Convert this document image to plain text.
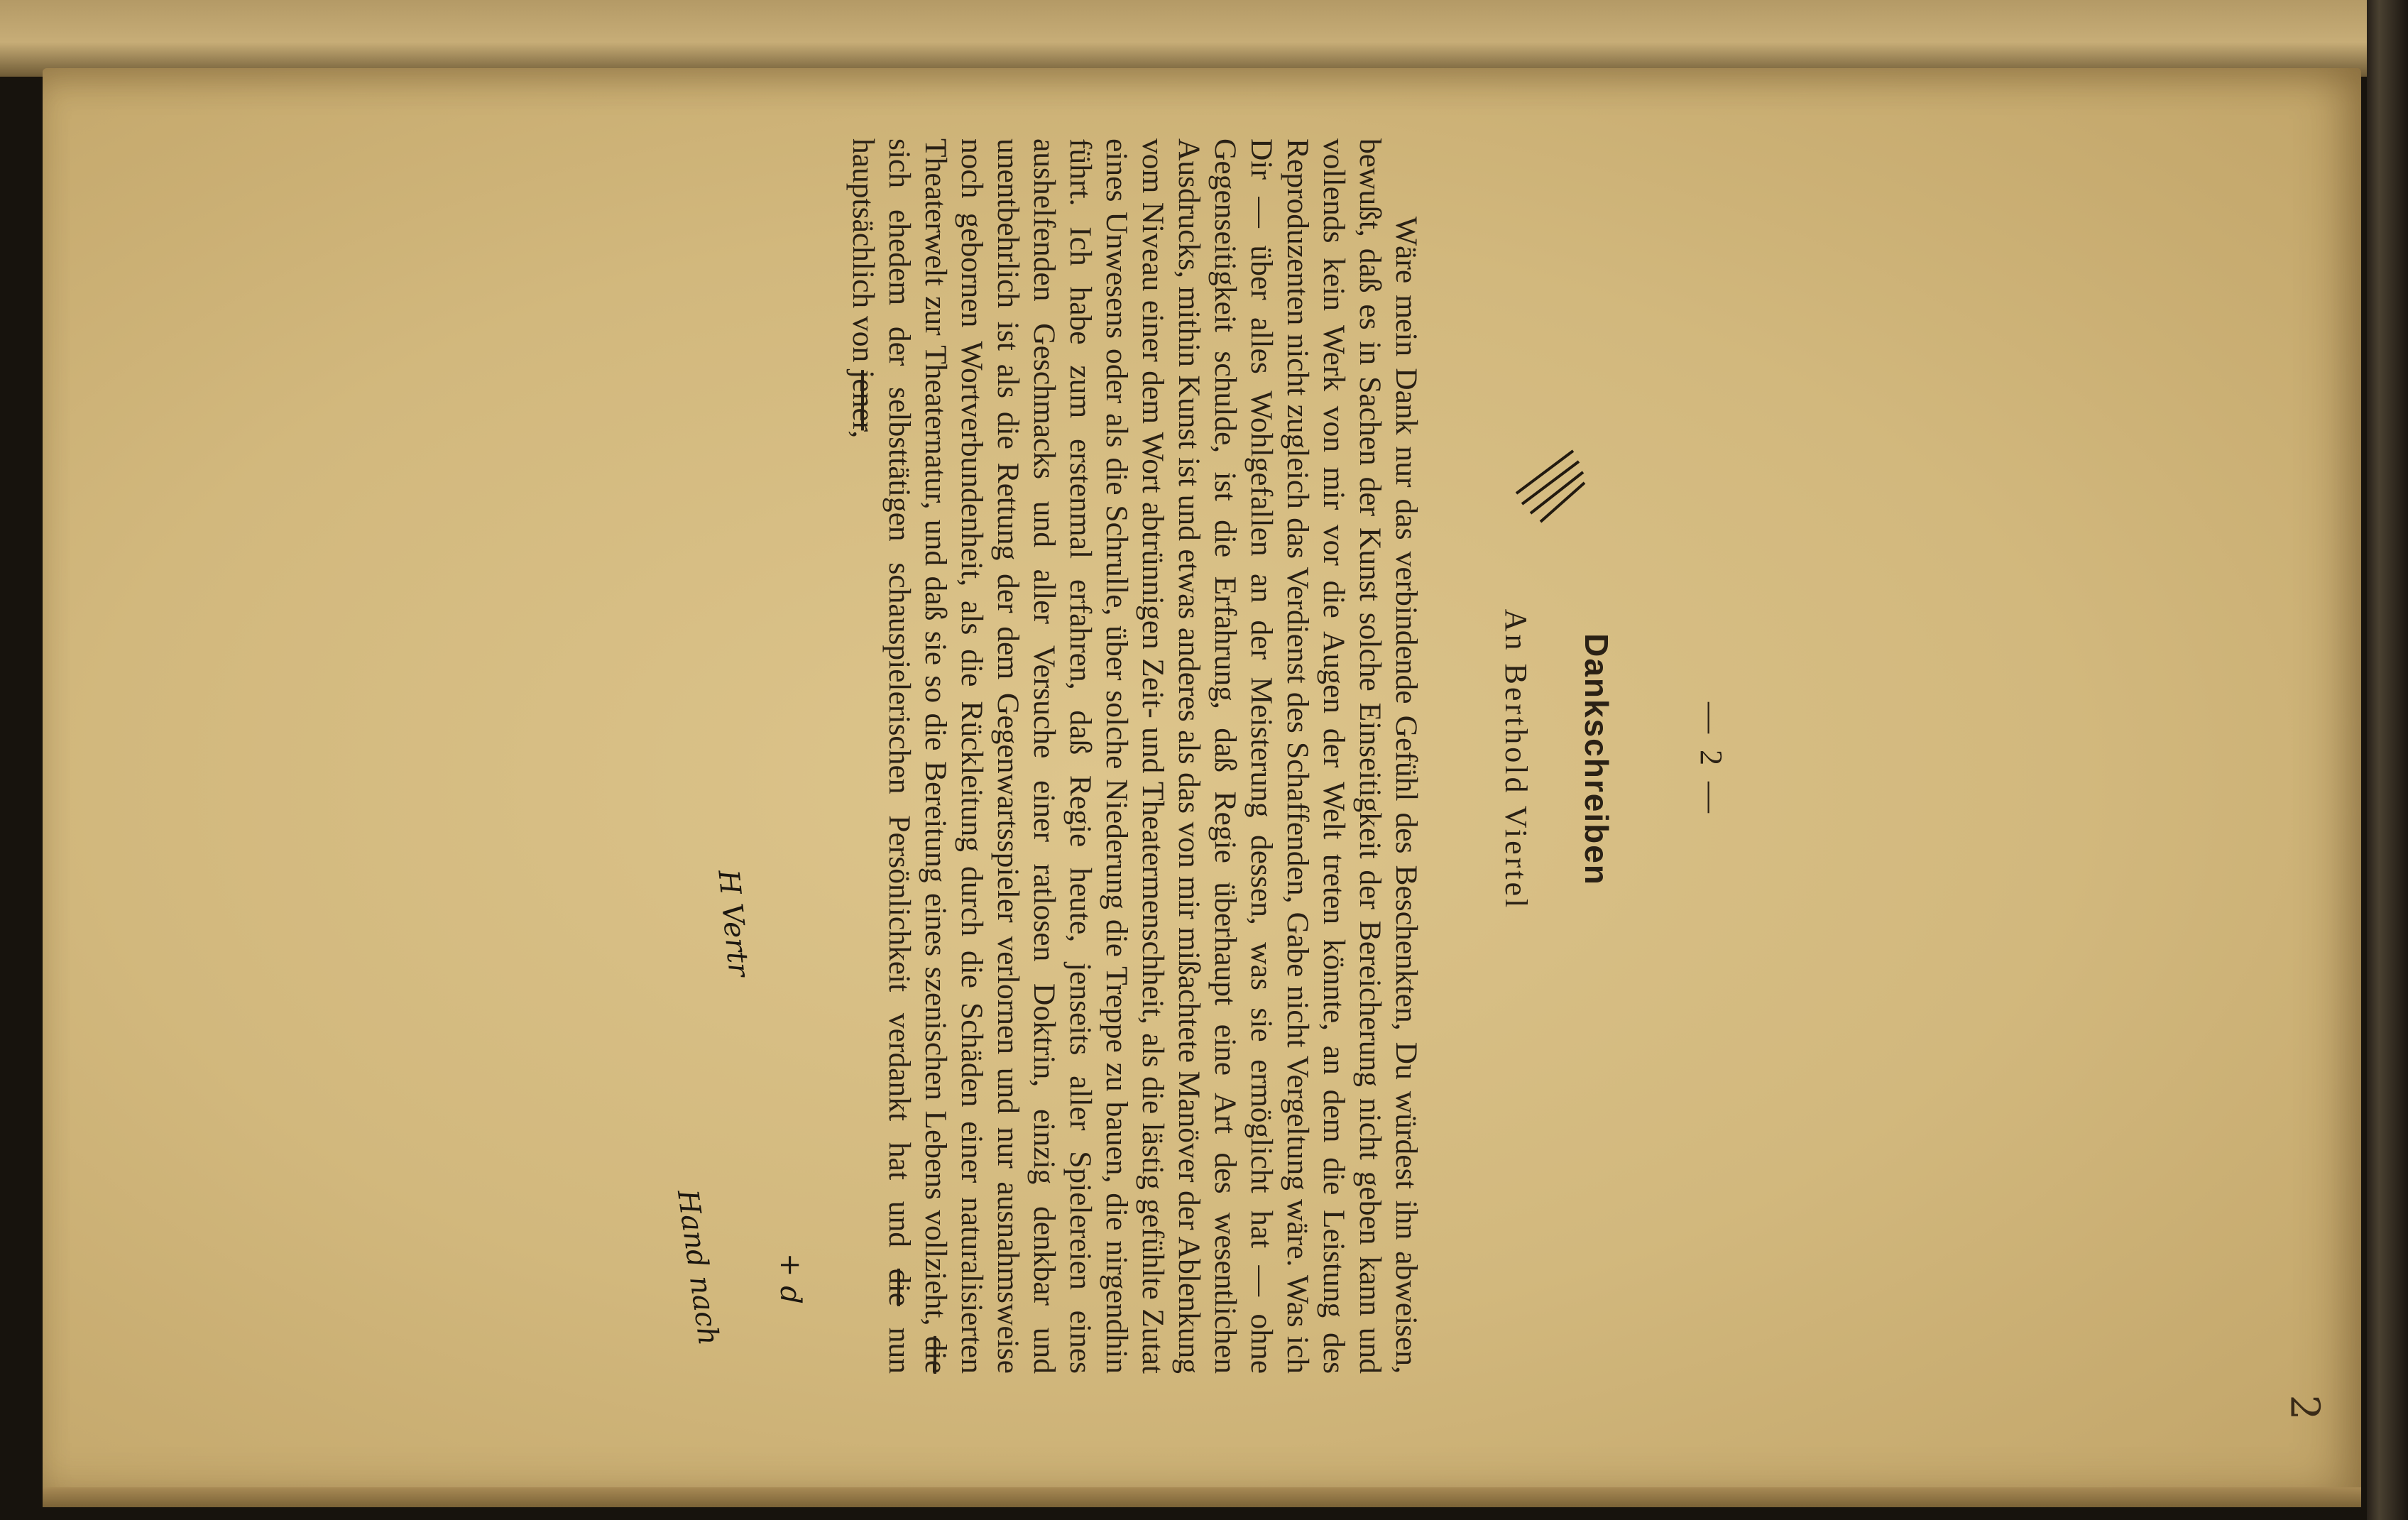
2
— 2 —
Dankschreiben
An Berthold Viertel

Wäre mein Dank nur das verbindende Gefühl des Beschenkten, Du würdest ihn abweisen, bewußt, daß es in Sachen der Kunst solche Einseitigkeit der Bereicherung nicht geben kann und vollends kein Werk von mir vor die Augen der Welt treten könnte, an dem die Leistung des Reproduzenten nicht zugleich das Verdienst des Schaffenden, Gabe nicht Vergeltung wäre. Was ich Dir — über alles Wohlgefallen an der Meisterung dessen, was sie ermöglicht hat — ohne Gegenseitigkeit schulde, ist die Erfahrung, daß Regie überhaupt eine Art des wesentlichen Ausdrucks, mithin Kunst ist und etwas anderes als das von mir mißachtete Manöver der Ablenkung vom Niveau einer dem Wort abtrünnigen Zeit- und Theatermenschheit, als die lästig gefühlte Zutat eines Unwesens oder als die Schrulle, über solche Niederung die Treppe zu bauen, die nirgendhin führt. Ich habe zum erstenmal erfahren, daß Regie heute, jenseits aller Spielereien eines aushelfenden Geschmacks und aller Versuche einer ratlosen Doktrin, einzig denkbar und unentbehrlich ist als die Rettung der dem Gegenwartsspieler verlornen und nur ausnahmsweise noch gebornen Wortverbundenheit, als die Rückleitung durch die Schäden einer naturalisierten Theaterwelt zur Theaternatur, und daß sie so die Bereitung eines szenischen Lebens vollzieht, die sich ehedem der selbsttätigen schauspielerischen Persönlichkeit verdankt hat und die nun hauptsächlich von jener,

+ d
Hand nach
H Vertr
